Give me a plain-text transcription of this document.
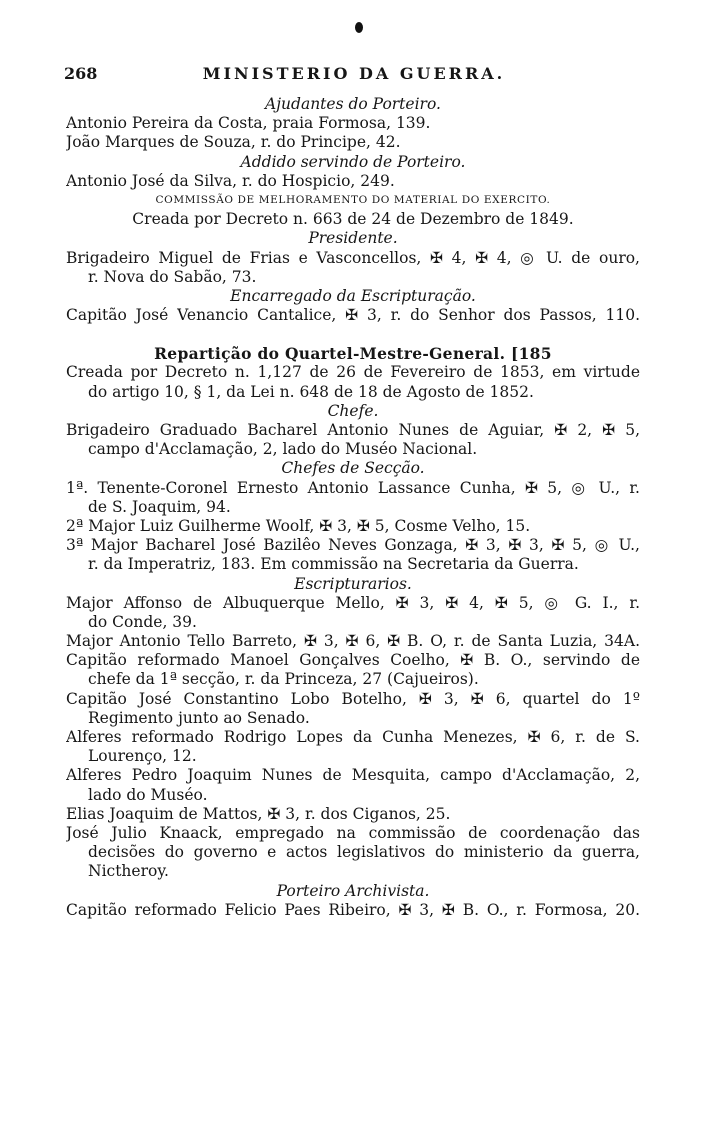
268	MINISTERIO DA GUERRA.
Ajudantes do Porteiro.
Antonio Pereira da Costa, praia Formosa, 139.
João Marques de Souza, r. do Principe, 42.
Addido servindo de Porteiro.
Antonio José da Silva, r. do Hospicio, 249.
COMMISSÃO DE MELHORAMENTO DO MATERIAL DO EXERCITO.
Creada por Decreto n. 663 de 24 de Dezembro de 1849.
Presidente.
Brigadeiro Miguel de Frias e Vasconcellos, ✠ 4, ✠ 4, ◎ U. de ouro,
r. Nova do Sabão, 73.
Encarregado da Escripturação.
Capitão José Venancio Cantalice, ✠ 3, r. do Senhor dos Passos, 110.
Repartição do Quartel-Mestre-General. [185
Creada por Decreto n. 1,127 de 26 de Fevereiro de 1853, em virtude
do artigo 10, § 1, da Lei n. 648 de 18 de Agosto de 1852.
Chefe.
Brigadeiro Graduado Bacharel Antonio Nunes de Aguiar, ✠ 2, ✠ 5,
campo d'Acclamação, 2, lado do Muséo Nacional.
Chefes de Secção.
1ª. Tenente-Coronel Ernesto Antonio Lassance Cunha, ✠ 5, ◎ U., r.
de S. Joaquim, 94.
2ª Major Luiz Guilherme Woolf, ✠ 3, ✠ 5, Cosme Velho, 15.
3ª Major Bacharel José Bazilêo Neves Gonzaga, ✠ 3, ✠ 3, ✠ 5, ◎ U.,
r. da Imperatriz, 183. Em commissão na Secretaria da Guerra.
Escripturarios.
Major Affonso de Albuquerque Mello, ✠ 3, ✠ 4, ✠ 5, ◎ G. I., r.
do Conde, 39.
Major Antonio Tello Barreto, ✠ 3, ✠ 6, ✠ B. O, r. de Santa Luzia, 34A.
Capitão reformado Manoel Gonçalves Coelho, ✠ B. O., servindo de
chefe da 1ª secção, r. da Princeza, 27 (Cajueiros).
Capitão José Constantino Lobo Botelho, ✠ 3, ✠ 6, quartel do 1º
Regimento junto ao Senado.
Alferes reformado Rodrigo Lopes da Cunha Menezes, ✠ 6, r. de S.
Lourenço, 12.
Alferes Pedro Joaquim Nunes de Mesquita, campo d'Acclamação, 2,
lado do Muséo.
Elias Joaquim de Mattos, ✠ 3, r. dos Ciganos, 25.
José Julio Knaack, empregado na commissão de coordenação das
decisões do governo e actos legislativos do ministerio da guerra,
Nictheroy.
Porteiro Archivista.
Capitão reformado Felicio Paes Ribeiro, ✠ 3, ✠ B. O., r. Formosa, 20.
